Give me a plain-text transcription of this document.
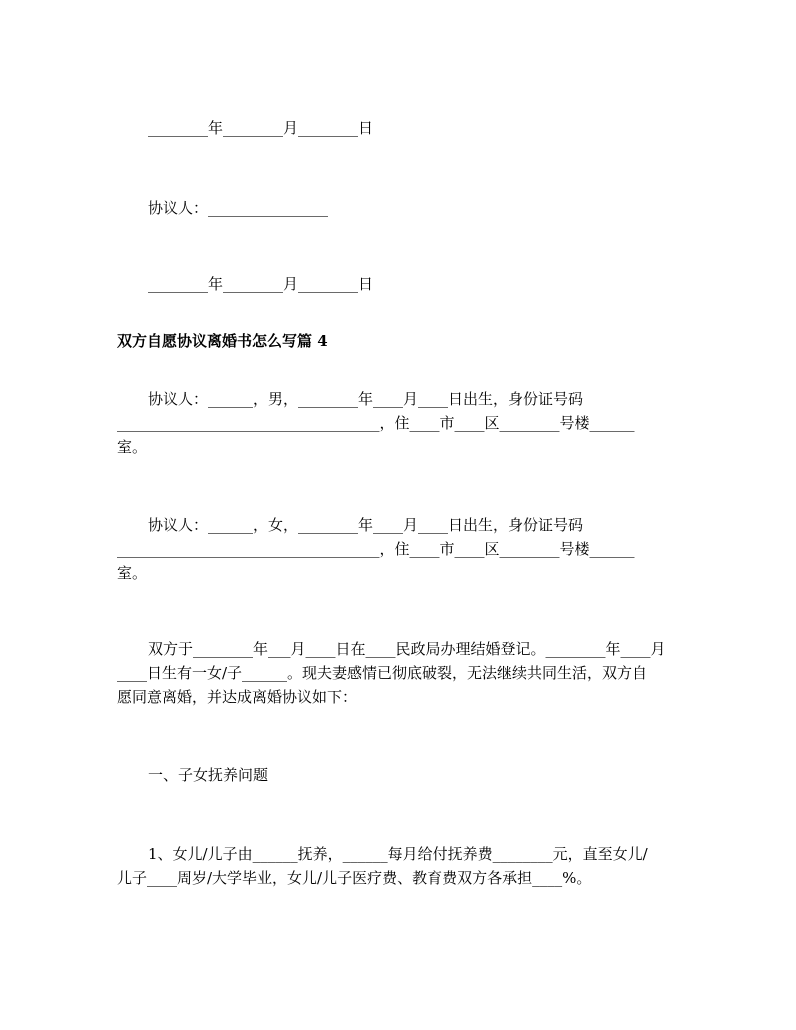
________年________月________日
协议人：________________
________年________月________日
双方自愿协议离婚书怎么写篇 4
协议人：______，男，________年____月____日出生，身份证号码
___________________________________，住____市____区________号楼______
室。
协议人：______，女，________年____月____日出生，身份证号码
___________________________________，住____市____区________号楼______
室。
双方于________年___月____日在____民政局办理结婚登记。________年____月
____日生有一女/子______。现夫妻感情已彻底破裂，无法继续共同生活，双方自
愿同意离婚，并达成离婚协议如下：
一、子女抚养问题
1、女儿/儿子由______抚养，______每月给付抚养费________元，直至女儿/
儿子____周岁/大学毕业，女儿/儿子医疗费、教育费双方各承担____%。
